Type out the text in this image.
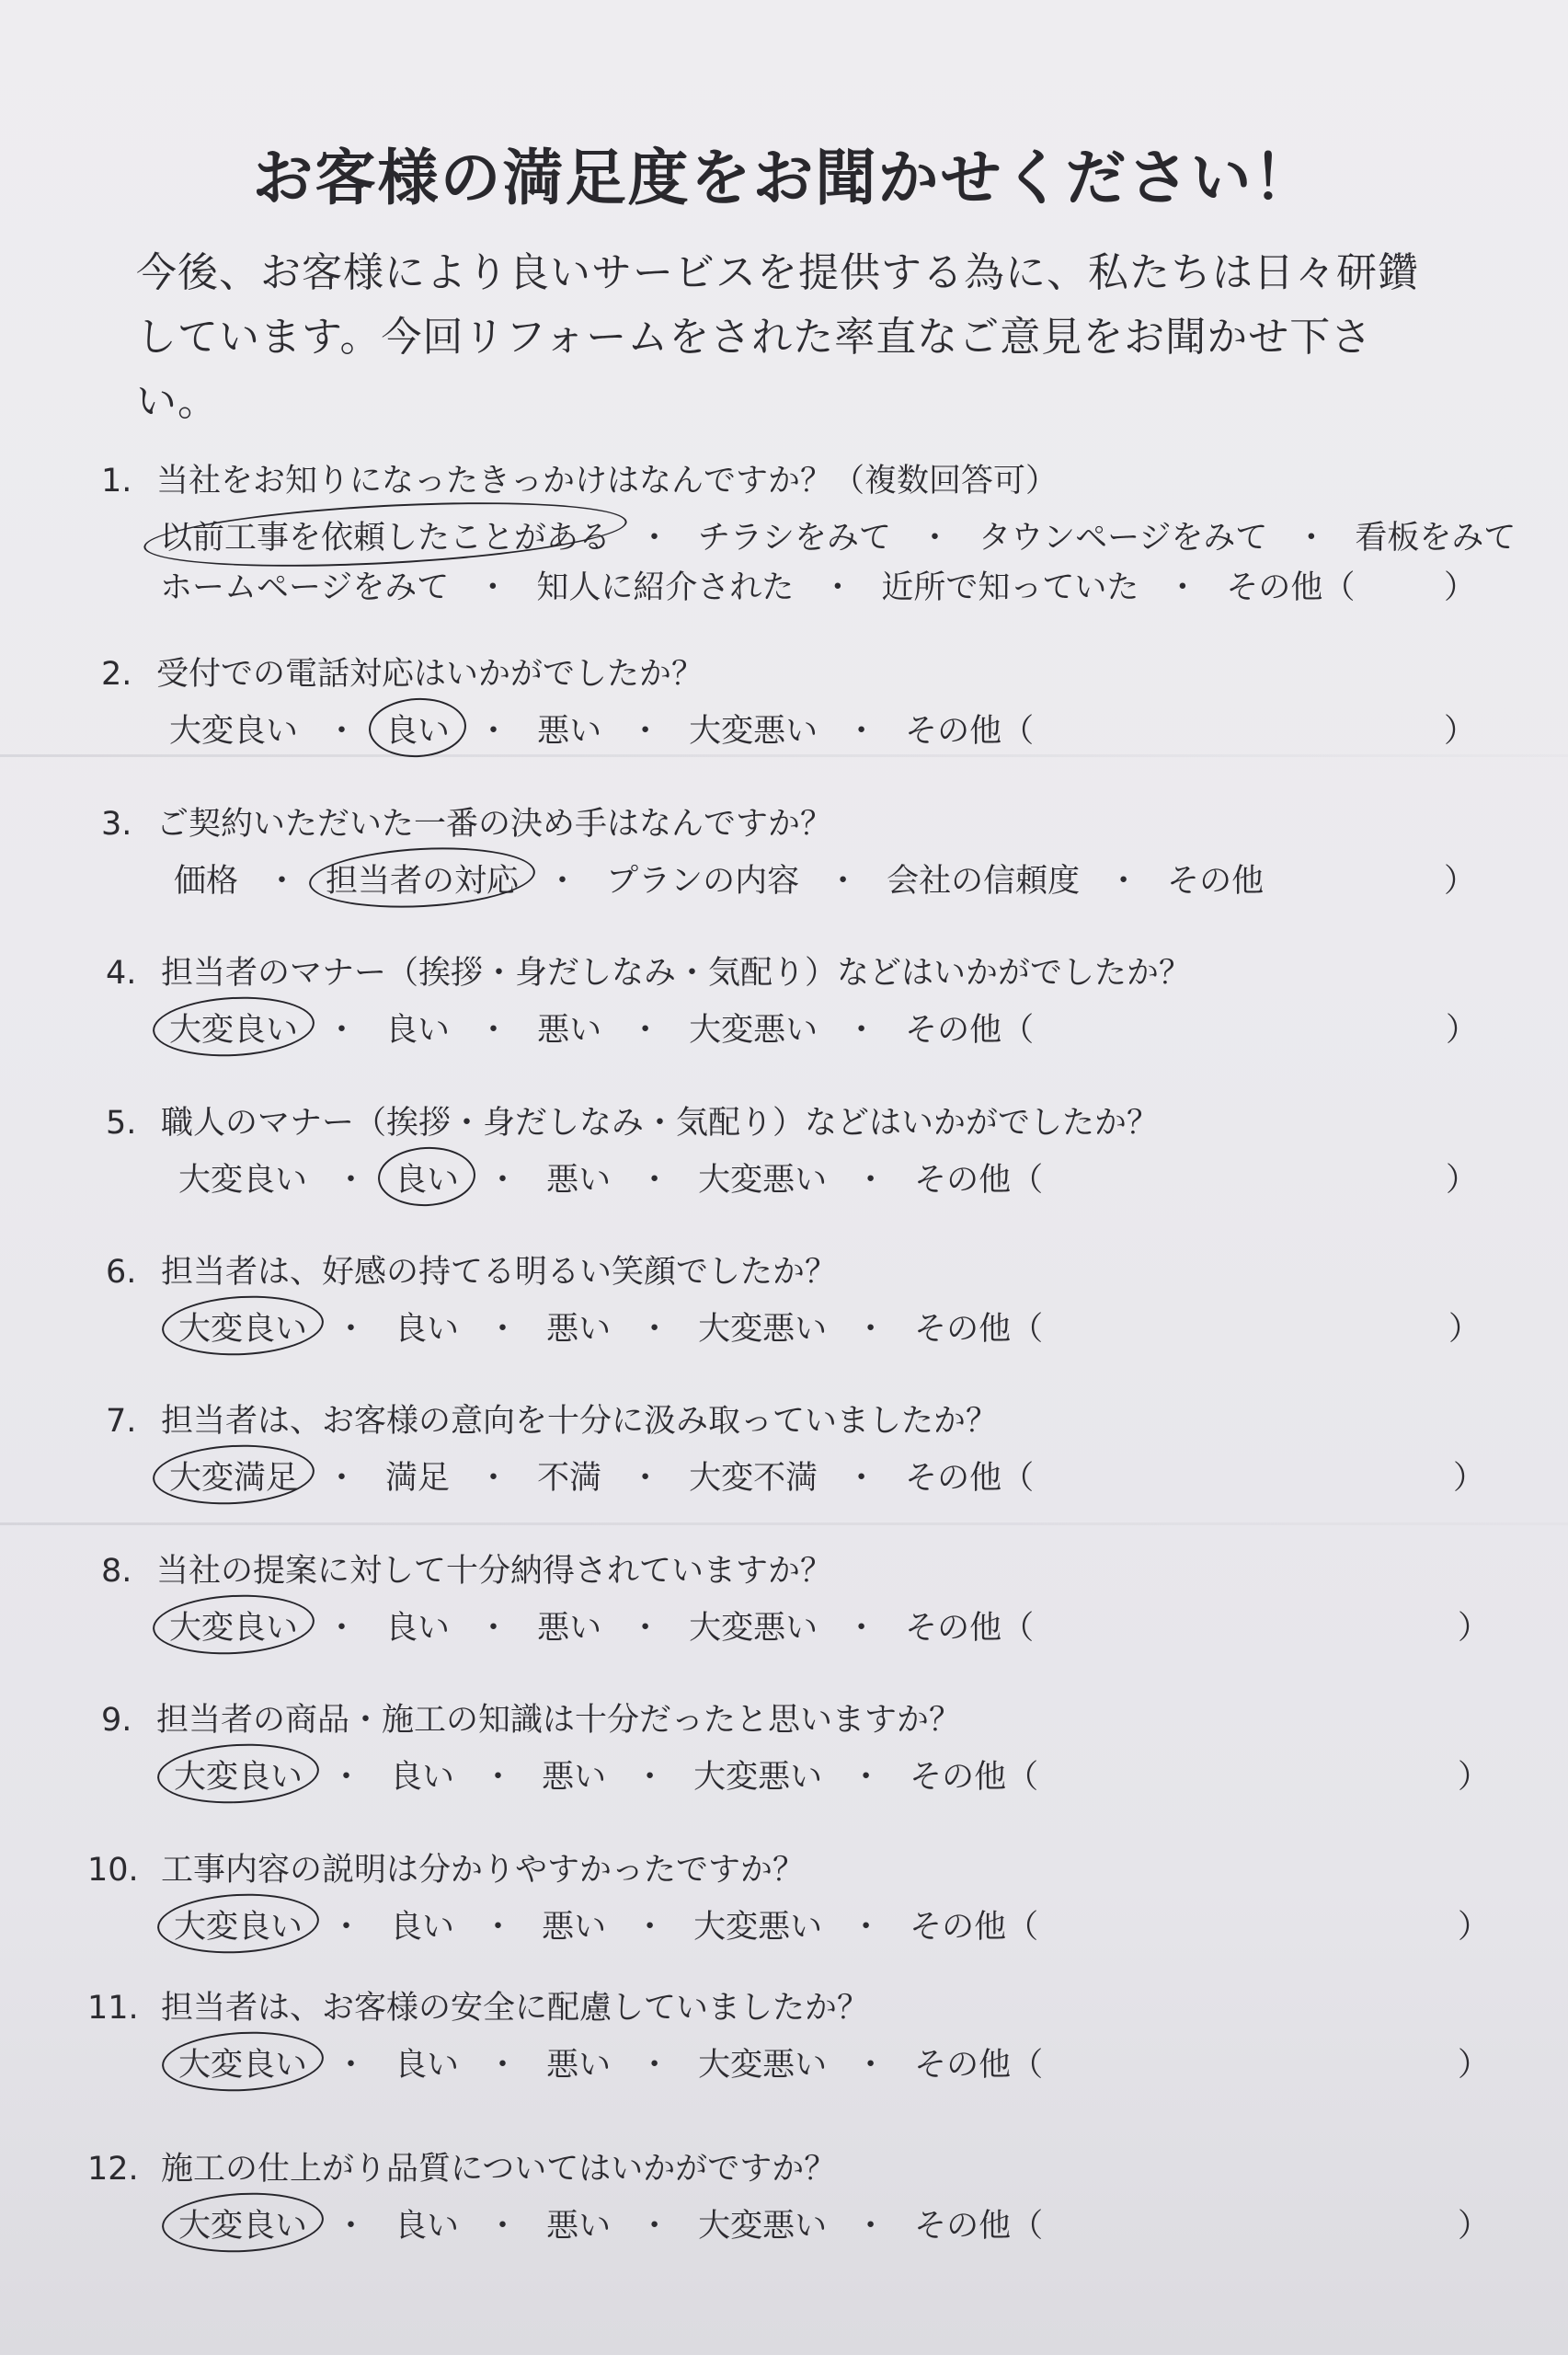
お客様の満足度をお聞かせください！
今後、お客様により良いサービスを提供する為に、私たちは日々研鑽
しています。今回リフォームをされた率直なご意見をお聞かせ下さい。
1. 当社をお知りになったきっかけはなんですか？（複数回答可）
以前工事を依頼したことがある ・ チラシをみて ・ タウンページをみて ・ 看板をみて
ホームページをみて ・ 知人に紹介された ・ 近所で知っていた ・ その他（	）
2. 受付での電話対応はいかがでしたか？
大変良い ・ 良い ・ 悪い ・ 大変悪い ・ その他（	）
3. ご契約いただいた一番の決め手はなんですか？
価格 ・ 担当者の対応 ・ プランの内容 ・ 会社の信頼度 ・ その他	）
4. 担当者のマナー（挨拶・身だしなみ・気配り）などはいかがでしたか？
大変良い ・ 良い ・ 悪い ・ 大変悪い ・ その他（	）
5. 職人のマナー（挨拶・身だしなみ・気配り）などはいかがでしたか？
大変良い ・ 良い ・ 悪い ・ 大変悪い ・ その他（	）
6. 担当者は、好感の持てる明るい笑顔でしたか？
大変良い ・ 良い ・ 悪い ・ 大変悪い ・ その他（	）
7. 担当者は、お客様の意向を十分に汲み取っていましたか？
大変満足 ・ 満足 ・ 不満 ・ 大変不満 ・ その他（	）
8. 当社の提案に対して十分納得されていますか？
大変良い ・ 良い ・ 悪い ・ 大変悪い ・ その他（	）
9. 担当者の商品・施工の知識は十分だったと思いますか？
大変良い ・ 良い ・ 悪い ・ 大変悪い ・ その他（	）
10. 工事内容の説明は分かりやすかったですか？
大変良い ・ 良い ・ 悪い ・ 大変悪い ・ その他（	）
11. 担当者は、お客様の安全に配慮していましたか？
大変良い ・ 良い ・ 悪い ・ 大変悪い ・ その他（	）
12. 施工の仕上がり品質についてはいかがですか？
大変良い ・ 良い ・ 悪い ・ 大変悪い ・ その他（	）
